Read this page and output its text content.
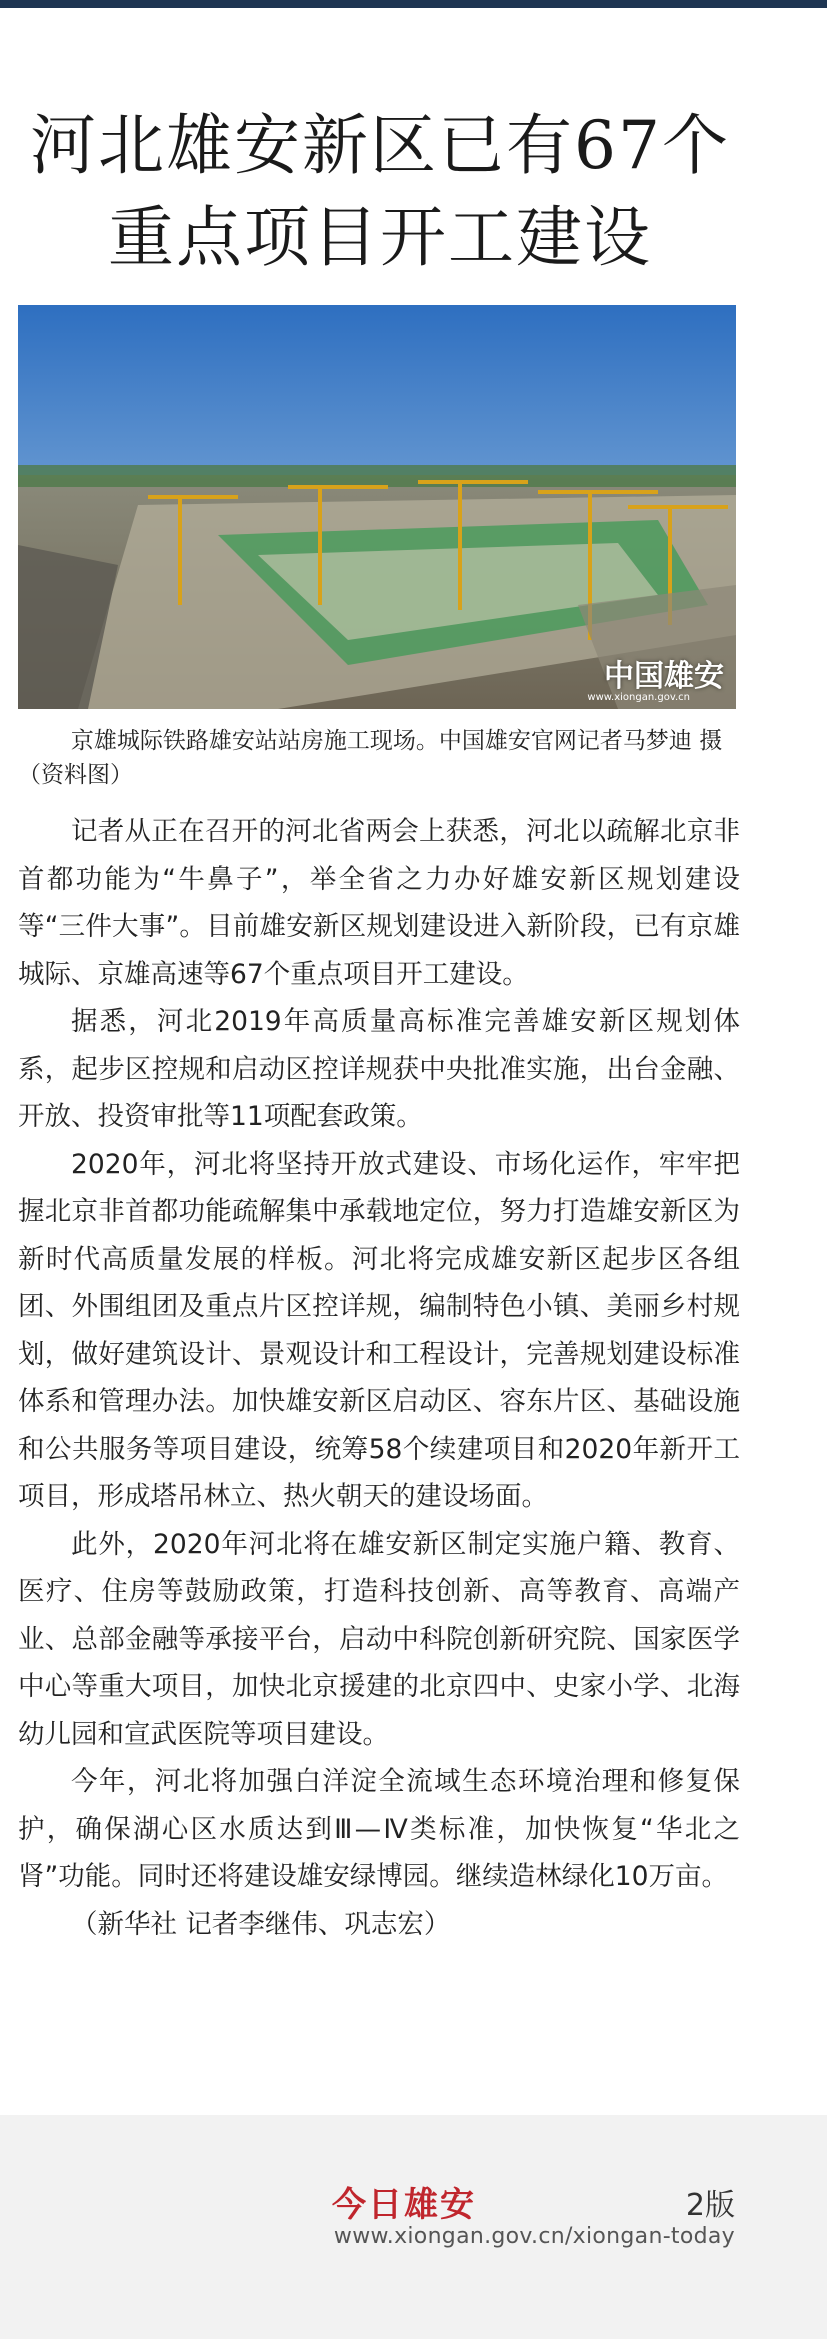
河北雄安新区已有67个
重点项目开工建设
中国雄安
www.xiongan.gov.cn
京雄城际铁路雄安站站房施工现场。中国雄安官网记者马梦迪 摄（资料图）

记者从正在召开的河北省两会上获悉，河北以疏解北京非首都功能为“牛鼻子”，举全省之力办好雄安新区规划建设等“三件大事”。目前雄安新区规划建设进入新阶段，已有京雄城际、京雄高速等67个重点项目开工建设。

据悉，河北2019年高质量高标准完善雄安新区规划体系，起步区控规和启动区控详规获中央批准实施，出台金融、开放、投资审批等11项配套政策。

2020年，河北将坚持开放式建设、市场化运作，牢牢把握北京非首都功能疏解集中承载地定位，努力打造雄安新区为新时代高质量发展的样板。河北将完成雄安新区起步区各组团、外围组团及重点片区控详规，编制特色小镇、美丽乡村规划，做好建筑设计、景观设计和工程设计，完善规划建设标准体系和管理办法。加快雄安新区启动区、容东片区、基础设施和公共服务等项目建设，统筹58个续建项目和2020年新开工项目，形成塔吊林立、热火朝天的建设场面。

此外，2020年河北将在雄安新区制定实施户籍、教育、医疗、住房等鼓励政策，打造科技创新、高等教育、高端产业、总部金融等承接平台，启动中科院创新研究院、国家医学中心等重大项目，加快北京援建的北京四中、史家小学、北海幼儿园和宣武医院等项目建设。

今年，河北将加强白洋淀全流域生态环境治理和修复保护，确保湖心区水质达到Ⅲ—Ⅳ类标准，加快恢复“华北之肾”功能。同时还将建设雄安绿博园。继续造林绿化10万亩。

（新华社 记者李继伟、巩志宏）

今日雄安	2版
www.xiongan.gov.cn/xiongan-today
